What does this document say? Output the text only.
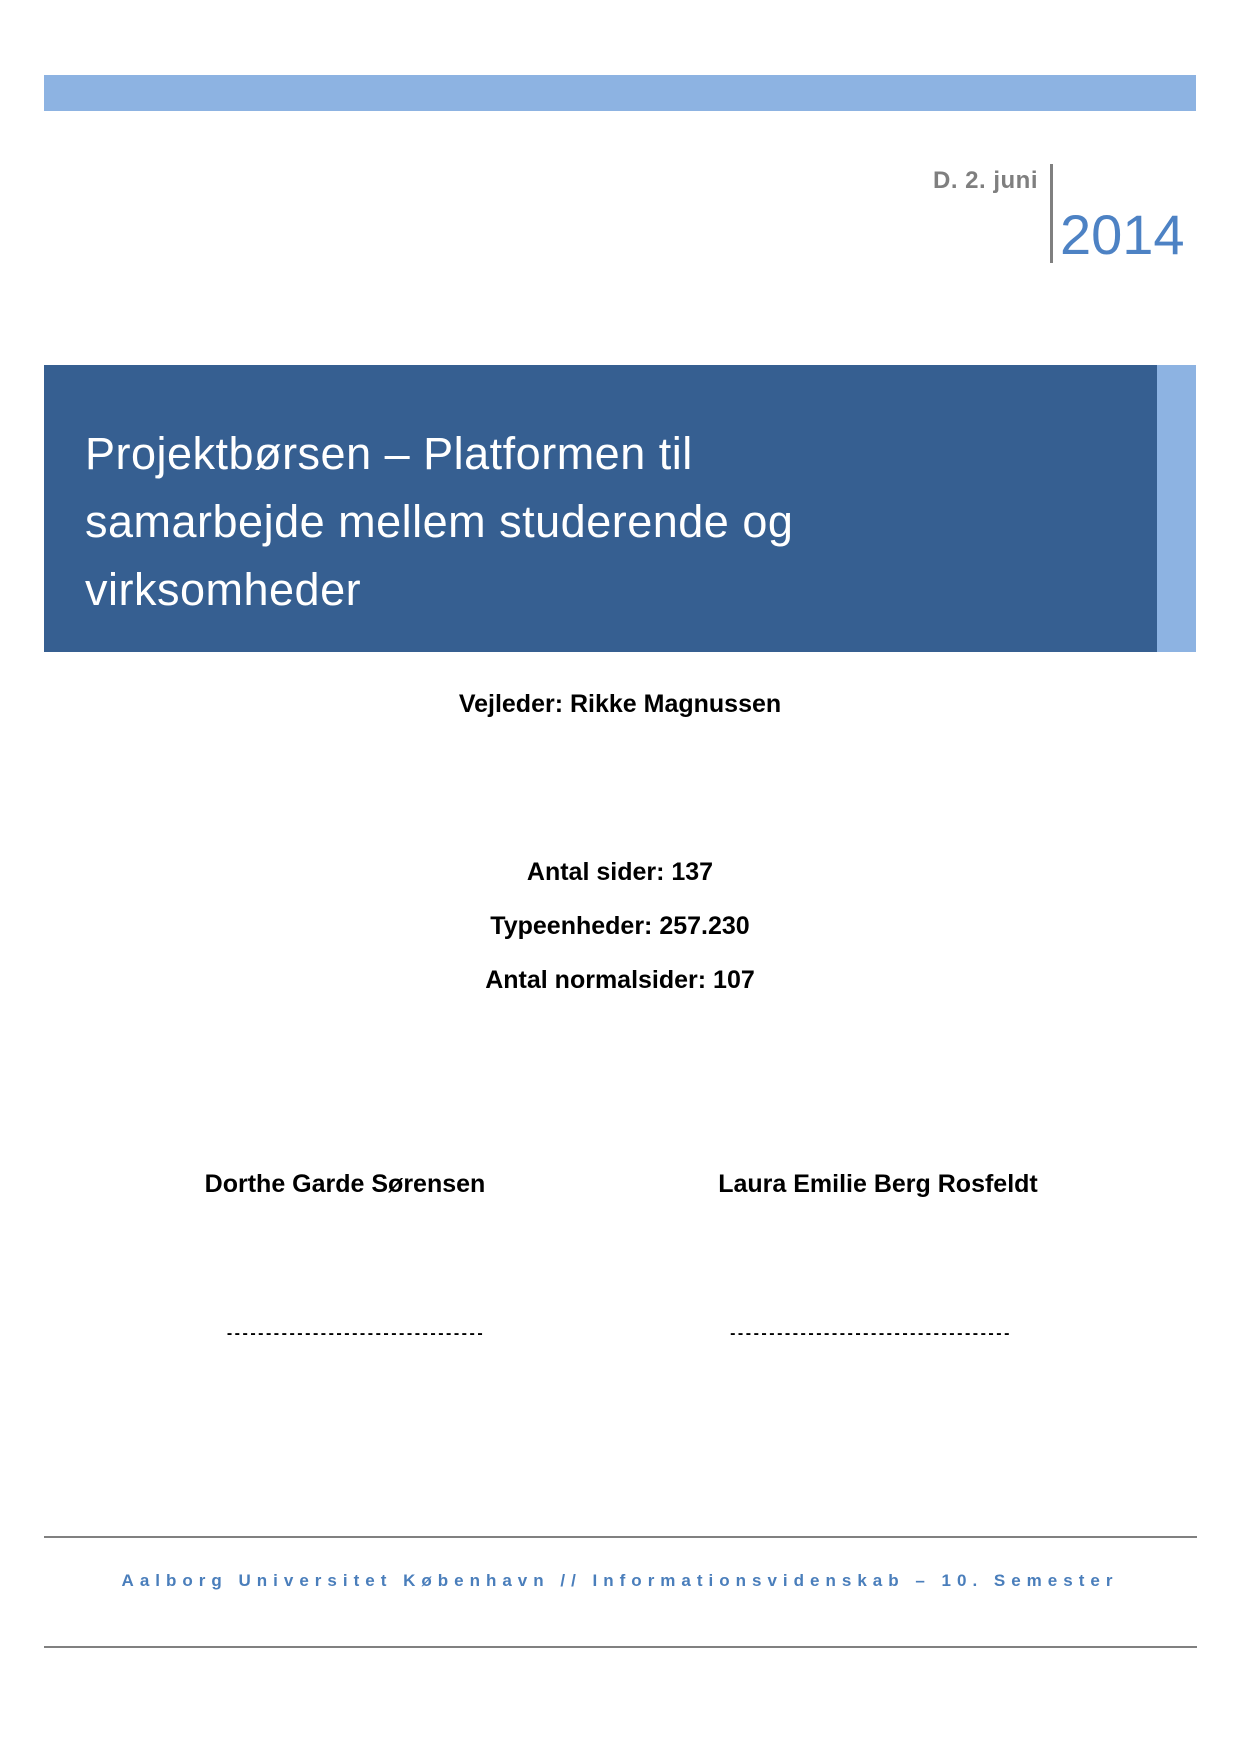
D. 2. juni
2014
Projektbørsen – Platformen til
samarbejde mellem studerende og
virksomheder
Vejleder: Rikke Magnussen
Antal sider: 137
Typeenheder: 257.230
Antal normalsider: 107
Dorthe Garde Sørensen	Laura Emilie Berg Rosfeldt
---------------------------------	------------------------------------
Aalborg Universitet København // Informationsvidenskab – 10. Semester
